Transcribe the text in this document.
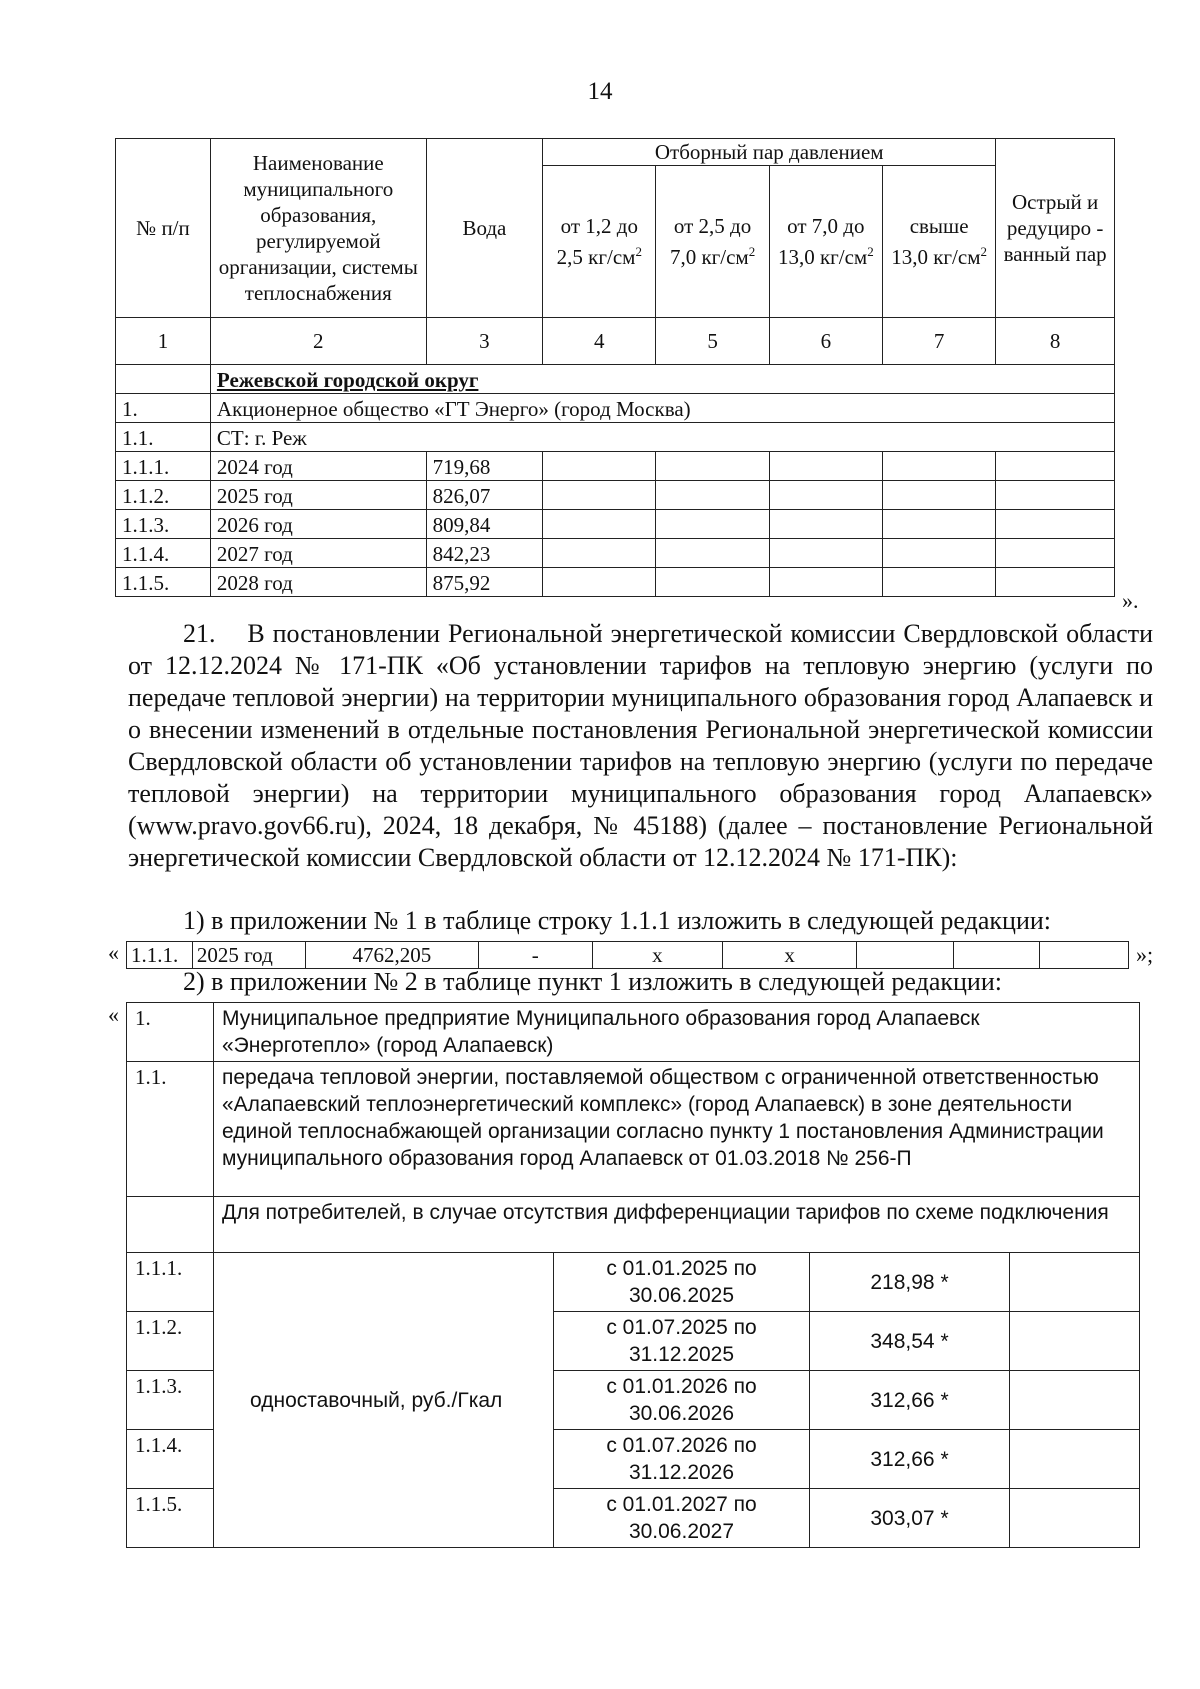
14
№ п/п	Наименование муниципального образования, регулируемой организации, системы теплоснабжения	Вода	Отборный пар давлением				Острый и редуциро - ванный пар
			от 1,2 до 2,5 $кг/см^2$	от 2,5 до 7,0 $кг/см^2$	от 7,0 до 13,0 $кг/см^2$	свыше 13,0 $кг/см^2$
1	2	3	4	5	6	7	8
	Режевской городской округ						
1.	Акционерное общество «ГТ Энерго» (город Москва)						
1.1.	СТ: г. Реж						
1.1.1.	2024 год	719,68					
1.1.2.	2025 год	826,07					
1.1.3.	2026 год	809,84					
1.1.4.	2027 год	842,23					
1.1.5.	2028 год	875,92					
».
21. В постановлении Региональной энергетической комиссии Свердловской области от 12.12.2024 № 171-ПК «Об установлении тарифов на тепловую энергию (услуги по передаче тепловой энергии) на территории муниципального образования город Алапаевск и о внесении изменений в отдельные постановления Региональной энергетической комиссии Свердловской области об установлении тарифов на тепловую энергию (услуги по передаче тепловой энергии) на территории муниципального образования город Алапаевск» (www.pravo.gov66.ru), 2024, 18 декабря, № 45188) (далее – постановление Региональной энергетической комиссии Свердловской области от 12.12.2024 № 171-ПК):
1) в приложении № 1 в таблице строку 1.1.1 изложить в следующей редакции:
« 1.1.1.	2025 год	4762,205	-	х	х				»;
2) в приложении № 2 в таблице пункт 1 изложить в следующей редакции:
« 1.	Муниципальное предприятие Муниципального образования город Алапаевск «Энерготепло» (город Алапаевск)			
1.1.	передача тепловой энергии, поставляемой обществом с ограниченной ответственностью «Алапаевский теплоэнергетический комплекс» (город Алапаевск) в зоне деятельности единой теплоснабжающей организации согласно пункту 1 постановления Администрации муниципального образования город Алапаевск от 01.03.2018 № 256-П			
	Для потребителей, в случае отсутствия дифференциации тарифов по схеме подключения			
1.1.1.	одноставочный, руб./Гкал	с 01.01.2025 по 30.06.2025	218,98 *	
1.1.2.		с 01.07.2025 по 31.12.2025	348,54 *	
1.1.3.		с 01.01.2026 по 30.06.2026	312,66 *	
1.1.4.		с 01.07.2026 по 31.12.2026	312,66 *	
1.1.5.		с 01.01.2027 по 30.06.2027	303,07 *	
